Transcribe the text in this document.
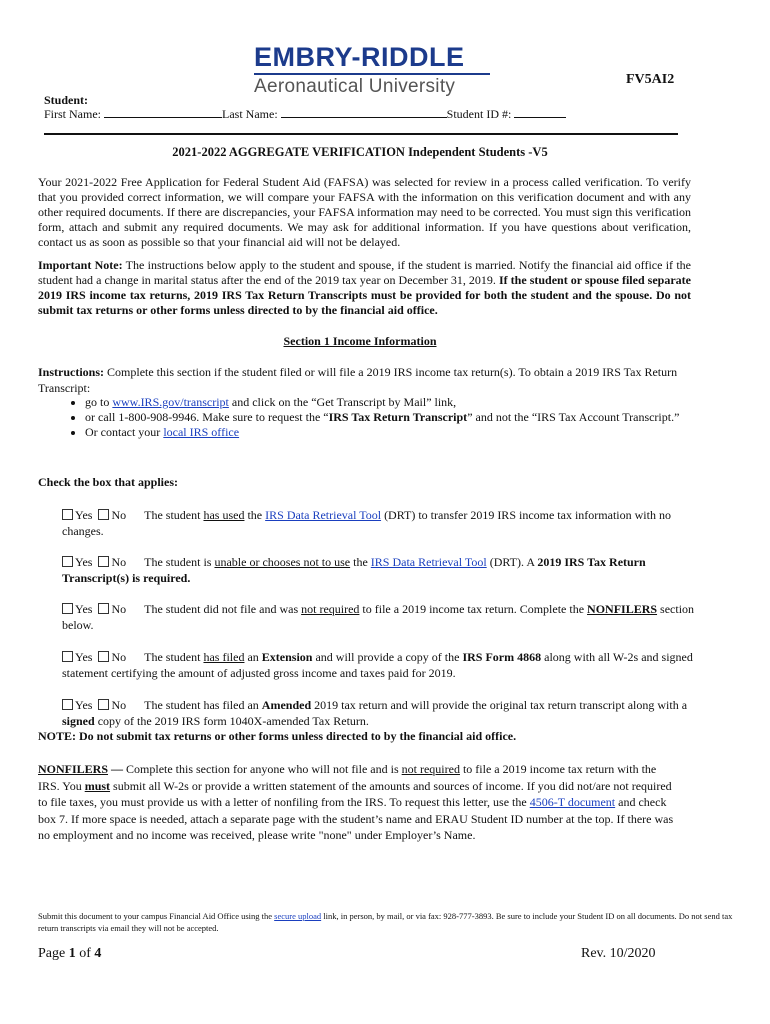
EMBRY-RIDDLE
Aeronautical University	FV5AI2
Student:
First Name:	Last Name:	Student ID #:
2021-2022 AGGREGATE VERIFICATION Independent Students -V5
Your 2021-2022 Free Application for Federal Student Aid (FAFSA) was selected for review in a process called verification. To verify that you provided correct information, we will compare your FAFSA with the information on this verification document and with any other required documents. If there are discrepancies, your FAFSA information may need to be corrected. You must sign this verification form, attach and submit any required documents. We may ask for additional information. If you have questions about verification, contact us as soon as possible so that your financial aid will not be delayed.
Important Note: The instructions below apply to the student and spouse, if the student is married. Notify the financial aid office if the student had a change in marital status after the end of the 2019 tax year on December 31, 2019. If the student or spouse filed separate 2019 IRS income tax returns, 2019 IRS Tax Return Transcripts must be provided for both the student and the spouse. Do not submit tax returns or other forms unless directed to by the financial aid office.
Section 1 Income Information
Instructions: Complete this section if the student filed or will file a 2019 IRS income tax return(s). To obtain a 2019 IRS Tax Return Transcript:
• go to www.IRS.gov/transcript and click on the “Get Transcript by Mail” link,
• or call 1-800-908-9946. Make sure to request the “IRS Tax Return Transcript” and not the “IRS Tax Account Transcript.”
• Or contact your local IRS office
Check the box that applies:
Yes No The student has used the IRS Data Retrieval Tool (DRT) to transfer 2019 IRS income tax information with no changes.
Yes No The student is unable or chooses not to use the IRS Data Retrieval Tool (DRT). A 2019 IRS Tax Return Transcript(s) is required.
Yes No The student did not file and was not required to file a 2019 income tax return. Complete the NONFILERS section below.
Yes No The student has filed an Extension and will provide a copy of the IRS Form 4868 along with all W-2s and signed statement certifying the amount of adjusted gross income and taxes paid for 2019.
Yes No The student has filed an Amended 2019 tax return and will provide the original tax return transcript along with a signed copy of the 2019 IRS form 1040X-amended Tax Return.
NOTE: Do not submit tax returns or other forms unless directed to by the financial aid office.
NONFILERS — Complete this section for anyone who will not file and is not required to file a 2019 income tax return with the IRS. You must submit all W-2s or provide a written statement of the amounts and sources of income. If you did not/are not required to file taxes, you must provide us with a letter of nonfiling from the IRS. To request this letter, use the 4506-T document and check box 7. If more space is needed, attach a separate page with the student’s name and ERAU Student ID number at the top. If there was no employment and no income was received, please write "none" under Employer’s Name.
Submit this document to your campus Financial Aid Office using the secure upload link, in person, by mail, or via fax: 928-777-3893. Be sure to include your Student ID on all documents. Do not send tax return transcripts via email they will not be accepted.
Page 1 of 4	Rev. 10/2020
